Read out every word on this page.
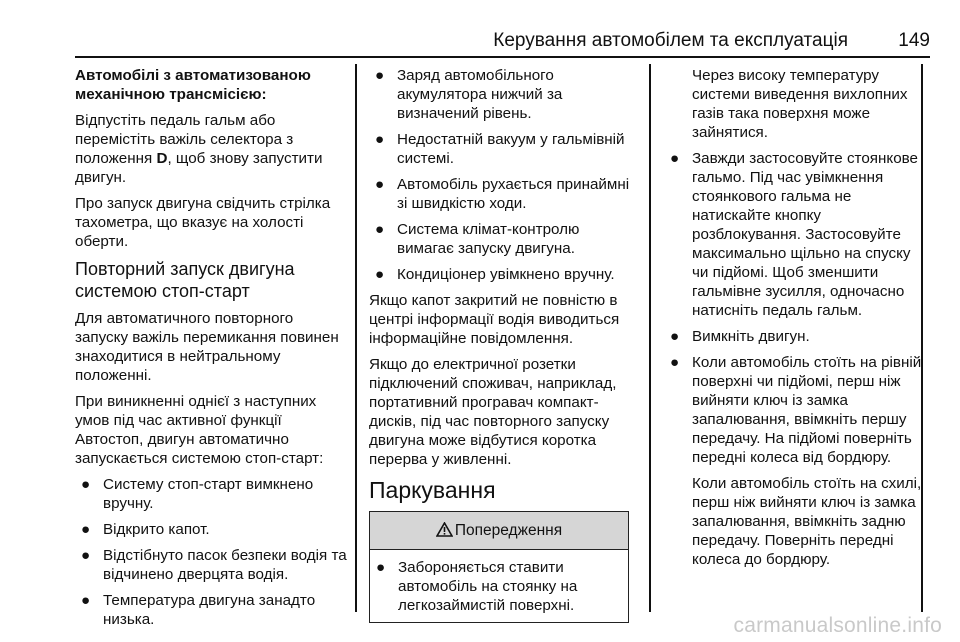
Керування автомобілем та експлуатація	149

Автомобілі з автоматизованою механічною трансмісією:

Відпустіть педаль гальм або перемістіть важіль селектора з положення D, щоб знову запустити двигун.

Про запуск двигуна свідчить стрілка тахометра, що вказує на холості оберти.

Повторний запуск двигуна системою стоп-старт

Для автоматичного повторного запуску важіль перемикання повинен знаходитися в нейтральному положенні.

При виникненні однієї з наступних умов під час активної функції Автостоп, двигун автоматично запускається системою стоп-старт:

● Систему стоп-старт вимкнено вручну.
● Відкрито капот.
● Відстібнуто пасок безпеки водія та відчинено дверцята водія.
● Температура двигуна занадто низька.
● Заряд автомобільного акумулятора нижчий за визначений рівень.
● Недостатній вакуум у гальмівній системі.
● Автомобіль рухається принаймні зі швидкістю ходи.
● Система клімат-контролю вимагає запуску двигуна.
● Кондиціонер увімкнено вручну.

Якщо капот закритий не повністю в центрі інформації водія виводиться інформаційне повідомлення.

Якщо до електричної розетки підключений споживач, наприклад, портативний програвач компакт-дисків, під час повторного запуску двигуна може відбутися коротка перерва у живленні.

Паркування

Попередження
● Забороняється ставити автомобіль на стоянку на легкозаймистій поверхні.

Через високу температуру системи виведення вихлопних газів така поверхня може зайнятися.

● Завжди застосовуйте стоянкове гальмо. Під час увімкнення стоянкового гальма не натискайте кнопку розблокування. Застосовуйте максимально щільно на спуску чи підйомі. Щоб зменшити гальмівне зусилля, одночасно натисніть педаль гальм.
● Вимкніть двигун.
● Коли автомобіль стоїть на рівній поверхні чи підйомі, перш ніж вийняти ключ із замка запалювання, ввімкніть першу передачу. На підйомі поверніть передні колеса від бордюру.

Коли автомобіль стоїть на схилі, перш ніж вийняти ключ із замка запалювання, ввімкніть задню передачу. Поверніть передні колеса до бордюру.

carmanualsonline.info
